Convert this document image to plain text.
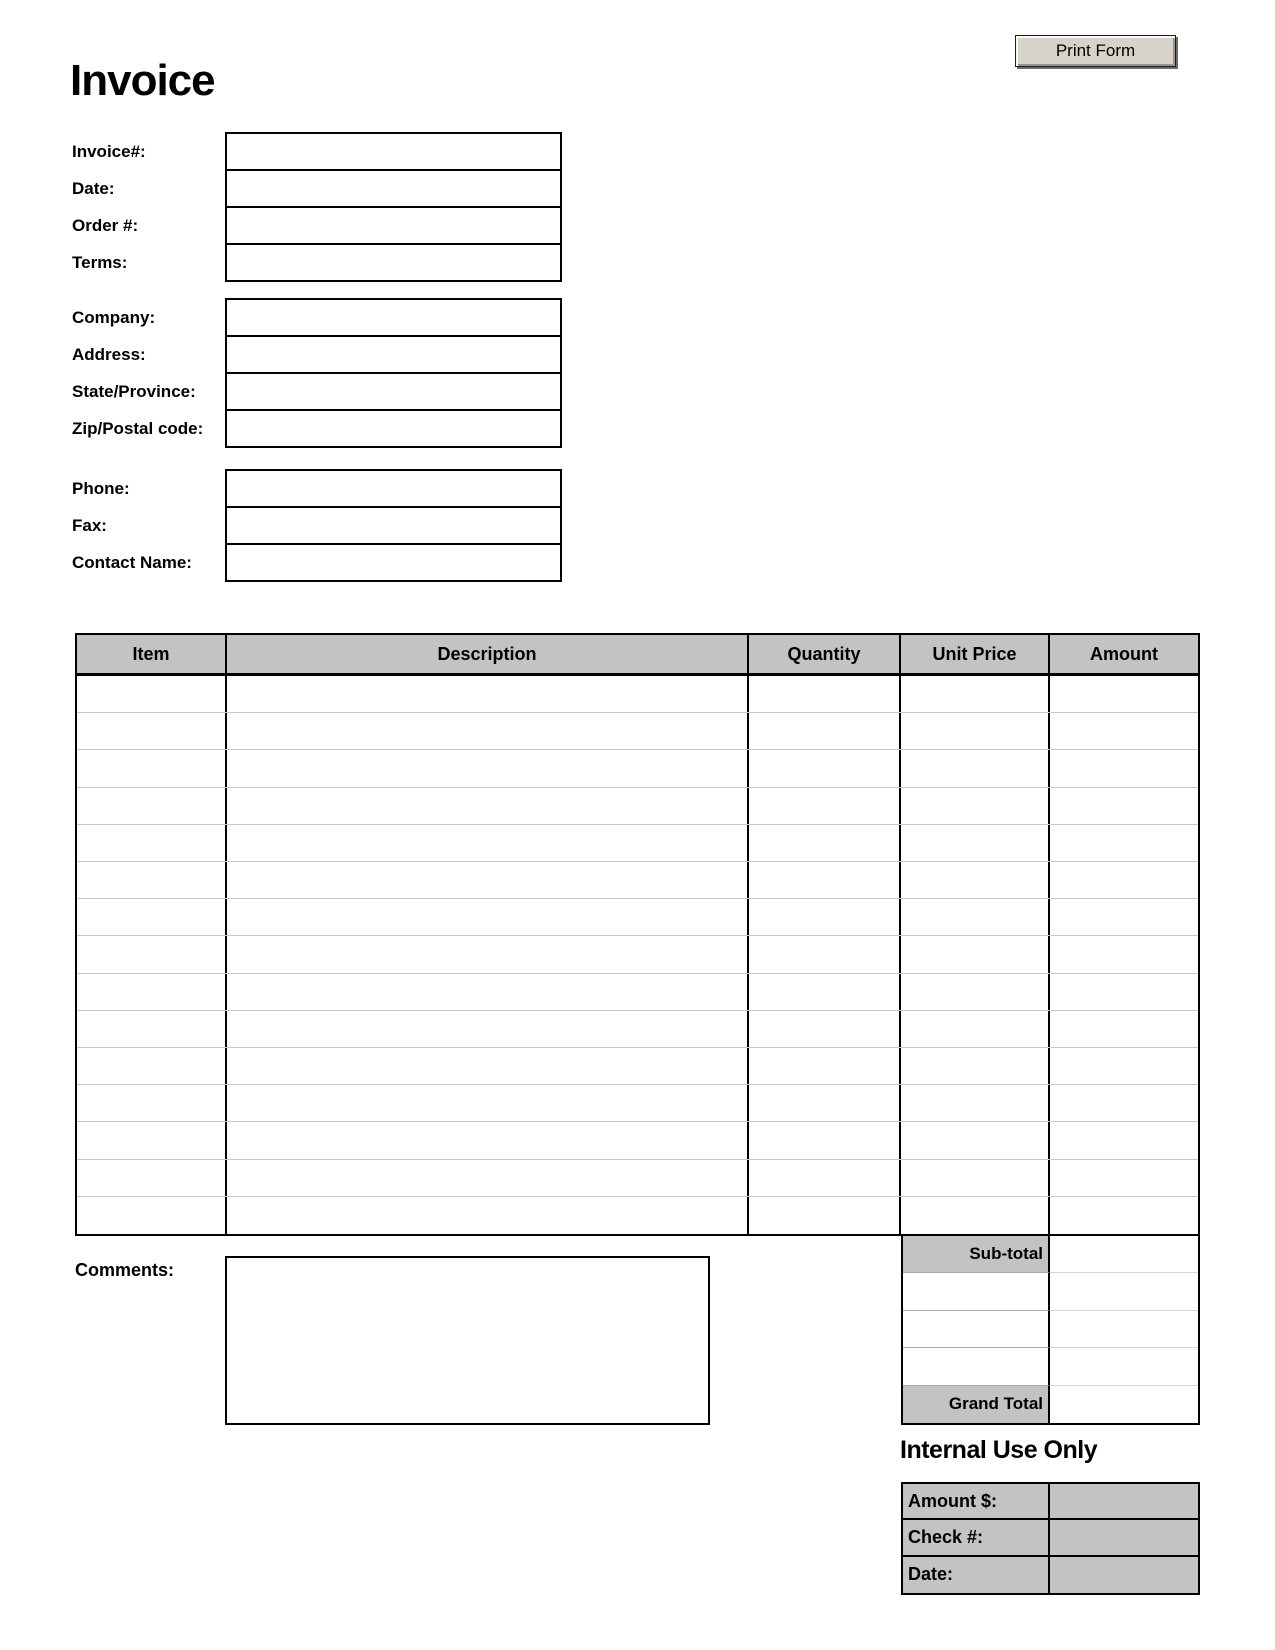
Print Form
Invoice
Item	Description	Quantity	Unit Price	Amount
Sub-total
Grand Total
Comments:
Internal Use Only
Amount $:
Check #:
Date:
Invoice#:
Date:
Order #:
Terms:
Company:
Address:
State/Province:
Zip/Postal code:
Phone:
Fax:
Contact Name:
